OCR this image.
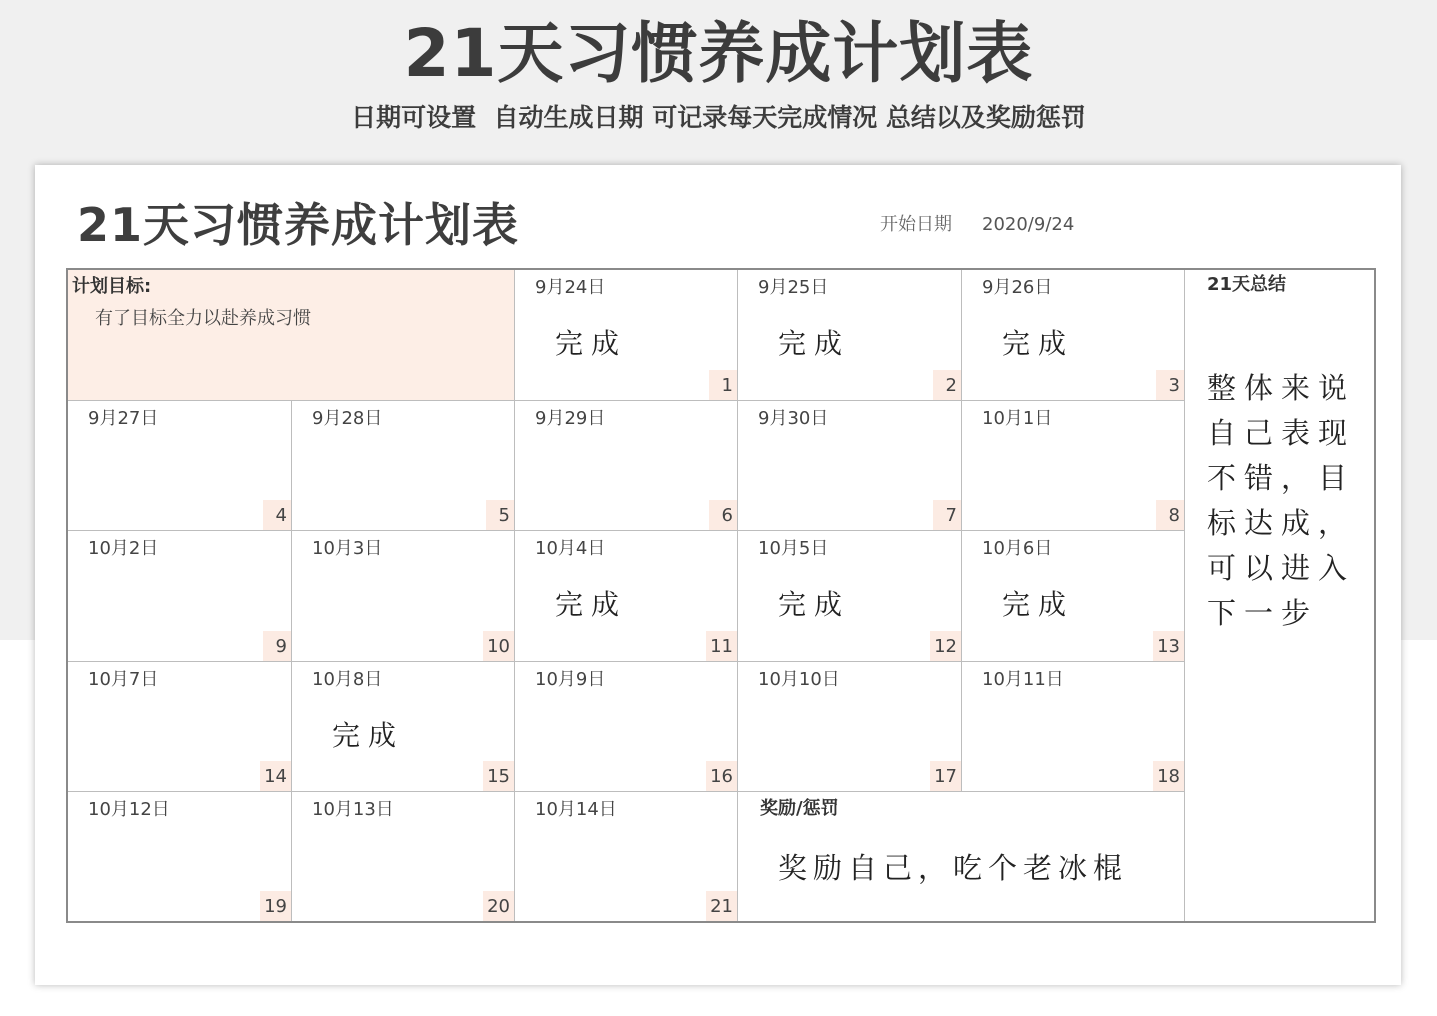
21天习惯养成计划表
日期可设置  自动生成日期 可记录每天完成情况 总结以及奖励惩罚
21天习惯养成计划表	开始日期 2020/9/24
计划目标:
有了目标全力以赴养成习惯
9月24日
完成
1
9月25日
完成
2
9月26日
完成
3
9月27日
4
9月28日
5
9月29日
6
9月30日
7
10月1日
8
10月2日
9
10月3日
10
10月4日
完成
11
10月5日
完成
12
10月6日
完成
13
10月7日
14
10月8日
完成
15
10月9日
16
10月10日
17
10月11日
18
10月12日
19
10月13日
20
10月14日
21
奖励/惩罚
奖励自己，吃个老冰棍
21天总结
整体来说自己表现不错，目标达成，可以进入下一步
